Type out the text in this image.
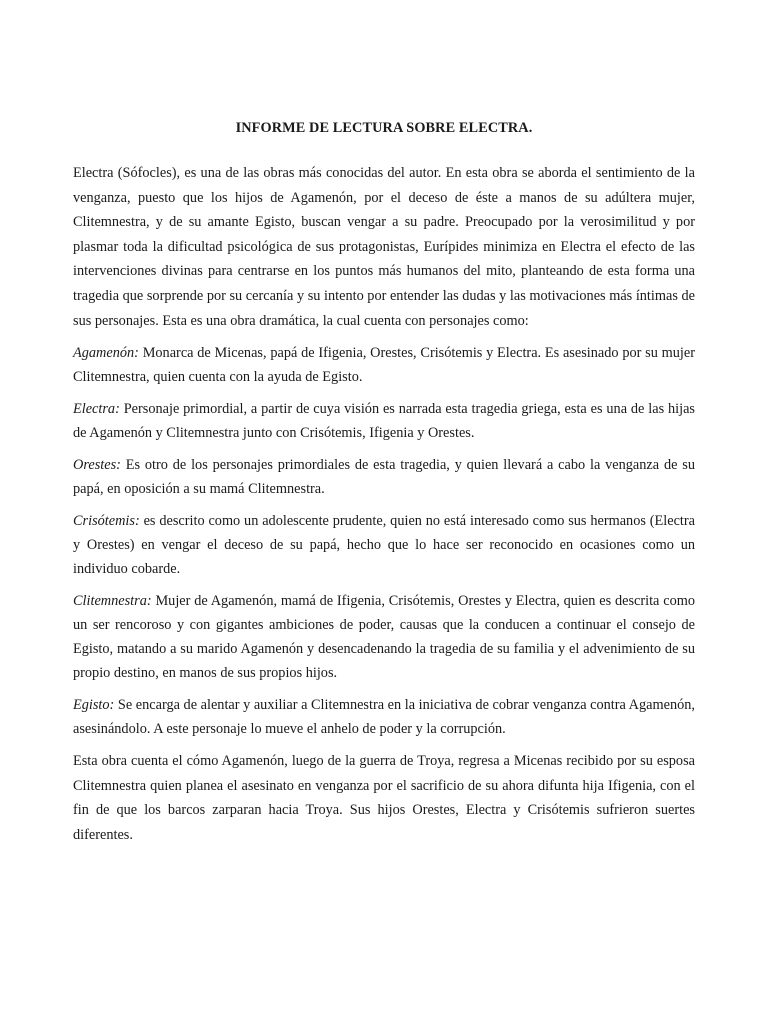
INFORME DE LECTURA SOBRE ELECTRA.

Electra (Sófocles), es una de las obras más conocidas del autor. En esta obra se aborda el sentimiento de la venganza, puesto que los hijos de Agamenón, por el deceso de éste a manos de su adúltera mujer, Clitemnestra, y de su amante Egisto, buscan vengar a su padre. Preocupado por la verosimilitud y por plasmar toda la dificultad psicológica de sus protagonistas, Eurípides minimiza en Electra el efecto de las intervenciones divinas para centrarse en los puntos más humanos del mito, planteando de esta forma una tragedia que sorprende por su cercanía y su intento por entender las dudas y las motivaciones más íntimas de sus personajes. Esta es una obra dramática, la cual cuenta con personajes como:

Agamenón: Monarca de Micenas, papá de Ifigenia, Orestes, Crisótemis y Electra. Es asesinado por su mujer Clitemnestra, quien cuenta con la ayuda de Egisto.

Electra: Personaje primordial, a partir de cuya visión es narrada esta tragedia griega, esta es una de las hijas de Agamenón y Clitemnestra junto con Crisótemis, Ifigenia y Orestes.

Orestes: Es otro de los personajes primordiales de esta tragedia, y quien llevará a cabo la venganza de su papá, en oposición a su mamá Clitemnestra.

Crisótemis: es descrito como un adolescente prudente, quien no está interesado como sus hermanos (Electra y Orestes) en vengar el deceso de su papá, hecho que lo hace ser reconocido en ocasiones como un individuo cobarde.

Clitemnestra: Mujer de Agamenón, mamá de Ifigenia, Crisótemis, Orestes y Electra, quien es descrita como un ser rencoroso y con gigantes ambiciones de poder, causas que la conducen a continuar el consejo de Egisto, matando a su marido Agamenón y desencadenando la tragedia de su familia y el advenimiento de su propio destino, en manos de sus propios hijos.

Egisto: Se encarga de alentar y auxiliar a Clitemnestra en la iniciativa de cobrar venganza contra Agamenón, asesinándolo. A este personaje lo mueve el anhelo de poder y la corrupción.

Esta obra cuenta el cómo Agamenón, luego de la guerra de Troya, regresa a Micenas recibido por su esposa Clitemnestra quien planea el asesinato en venganza por el sacrificio de su ahora difunta hija Ifigenia, con el fin de que los barcos zarparan hacia Troya. Sus hijos Orestes, Electra y Crisótemis sufrieron suertes diferentes.
